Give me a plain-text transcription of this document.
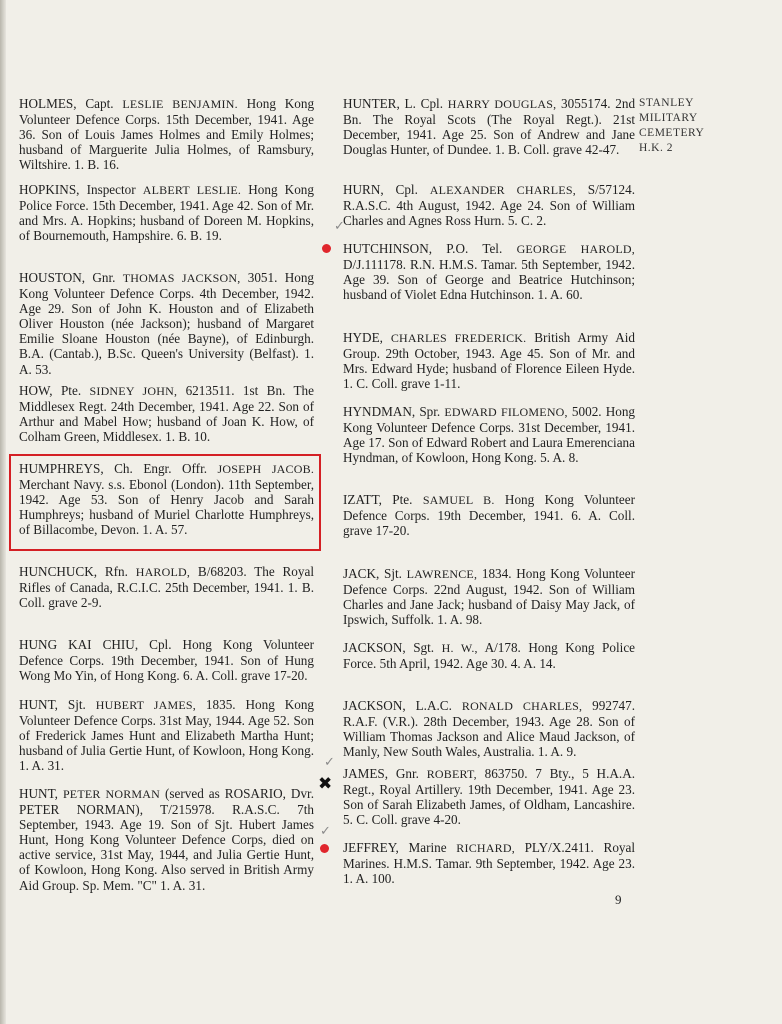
HOLMES, Capt. LESLIE BENJAMIN. Hong Kong Volunteer Defence Corps. 15th December, 1941. Age 36. Son of Louis James Holmes and Emily Holmes; husband of Marguerite Julia Holmes, of Ramsbury, Wiltshire. 1. B. 16.
HOPKINS, Inspector ALBERT LESLIE. Hong Kong Police Force. 15th December, 1941. Age 42. Son of Mr. and Mrs. A. Hopkins; husband of Doreen M. Hopkins, of Bournemouth, Hampshire. 6. B. 19.
HOUSTON, Gnr. THOMAS JACKSON, 3051. Hong Kong Volunteer Defence Corps. 4th December, 1942. Age 29. Son of John K. Houston and of Elizabeth Oliver Houston (née Jackson); husband of Margaret Emilie Sloane Houston (née Bayne), of Edinburgh. B.A. (Cantab.), B.Sc. Queen's University (Belfast). 1. A. 53.
HOW, Pte. SIDNEY JOHN, 6213511. 1st Bn. The Middlesex Regt. 24th December, 1941. Age 22. Son of Arthur and Mabel How; husband of Joan K. How, of Colham Green, Middlesex. 1. B. 10.
HUMPHREYS, Ch. Engr. Offr. JOSEPH JACOB. Merchant Navy. s.s. Ebonol (London). 11th September, 1942. Age 53. Son of Henry Jacob and Sarah Humphreys; husband of Muriel Charlotte Humphreys, of Billacombe, Devon. 1. A. 57.
HUNCHUCK, Rfn. HAROLD, B/68203. The Royal Rifles of Canada, R.C.I.C. 25th December, 1941. 1. B. Coll. grave 2-9.
HUNG KAI CHIU, Cpl. Hong Kong Volunteer Defence Corps. 19th December, 1941. Son of Hung Wong Mo Yin, of Hong Kong. 6. A. Coll. grave 17-20.
HUNT, Sjt. HUBERT JAMES, 1835. Hong Kong Volunteer Defence Corps. 31st May, 1944. Age 52. Son of Frederick James Hunt and Elizabeth Martha Hunt; husband of Julia Gertie Hunt, of Kowloon, Hong Kong. 1. A. 31.
HUNT, PETER NORMAN (served as ROSARIO, Dvr. PETER NORMAN), T/215978. R.A.S.C. 7th September, 1943. Age 19. Son of Sjt. Hubert James Hunt, Hong Kong Volunteer Defence Corps, died on active service, 31st May, 1944, and Julia Gertie Hunt, of Kowloon, Hong Kong. Also served in British Army Aid Group. Sp. Mem. "C" 1. A. 31.
HUNTER, L. Cpl. HARRY DOUGLAS, 3055174. 2nd Bn. The Royal Scots (The Royal Regt.). 21st December, 1941. Age 25. Son of Andrew and Jane Douglas Hunter, of Dundee. 1. B. Coll. grave 42-47.
HURN, Cpl. ALEXANDER CHARLES, S/57124. R.A.S.C. 4th August, 1942. Age 24. Son of William Charles and Agnes Ross Hurn. 5. C. 2.
HUTCHINSON, P.O. Tel. GEORGE HAROLD, D/J.111178. R.N. H.M.S. Tamar. 5th September, 1942. Age 39. Son of George and Beatrice Hutchinson; husband of Violet Edna Hutchinson. 1. A. 60.
HYDE, CHARLES FREDERICK. British Army Aid Group. 29th October, 1943. Age 45. Son of Mr. and Mrs. Edward Hyde; husband of Florence Eileen Hyde. 1. C. Coll. grave 1-11.
HYNDMAN, Spr. EDWARD FILOMENO, 5002. Hong Kong Volunteer Defence Corps. 31st December, 1941. Age 17. Son of Edward Robert and Laura Emerenciana Hyndman, of Kowloon, Hong Kong. 5. A. 8.
IZATT, Pte. SAMUEL B. Hong Kong Volunteer Defence Corps. 19th December, 1941. 6. A. Coll. grave 17-20.
JACK, Sjt. LAWRENCE, 1834. Hong Kong Volunteer Defence Corps. 22nd August, 1942. Son of William Charles and Jane Jack; husband of Daisy May Jack, of Ipswich, Suffolk. 1. A. 98.
JACKSON, Sgt. H. W., A/178. Hong Kong Police Force. 5th April, 1942. Age 30. 4. A. 14.
JACKSON, L.A.C. RONALD CHARLES, 992747. R.A.F. (V.R.). 28th December, 1943. Age 28. Son of William Thomas Jackson and Alice Maud Jackson, of Manly, New South Wales, Australia. 1. A. 9.
JAMES, Gnr. ROBERT, 863750. 7 Bty., 5 H.A.A. Regt., Royal Artillery. 19th December, 1941. Age 23. Son of Sarah Elizabeth James, of Oldham, Lancashire. 5. C. Coll. grave 4-20.
JEFFREY, Marine RICHARD, PLY/X.2411. Royal Marines. H.M.S. Tamar. 9th September, 1942. Age 23. 1. A. 100.
STANLEY
MILITARY
CEMETERY
H.K. 2
✓
✓
✖
✓
9
